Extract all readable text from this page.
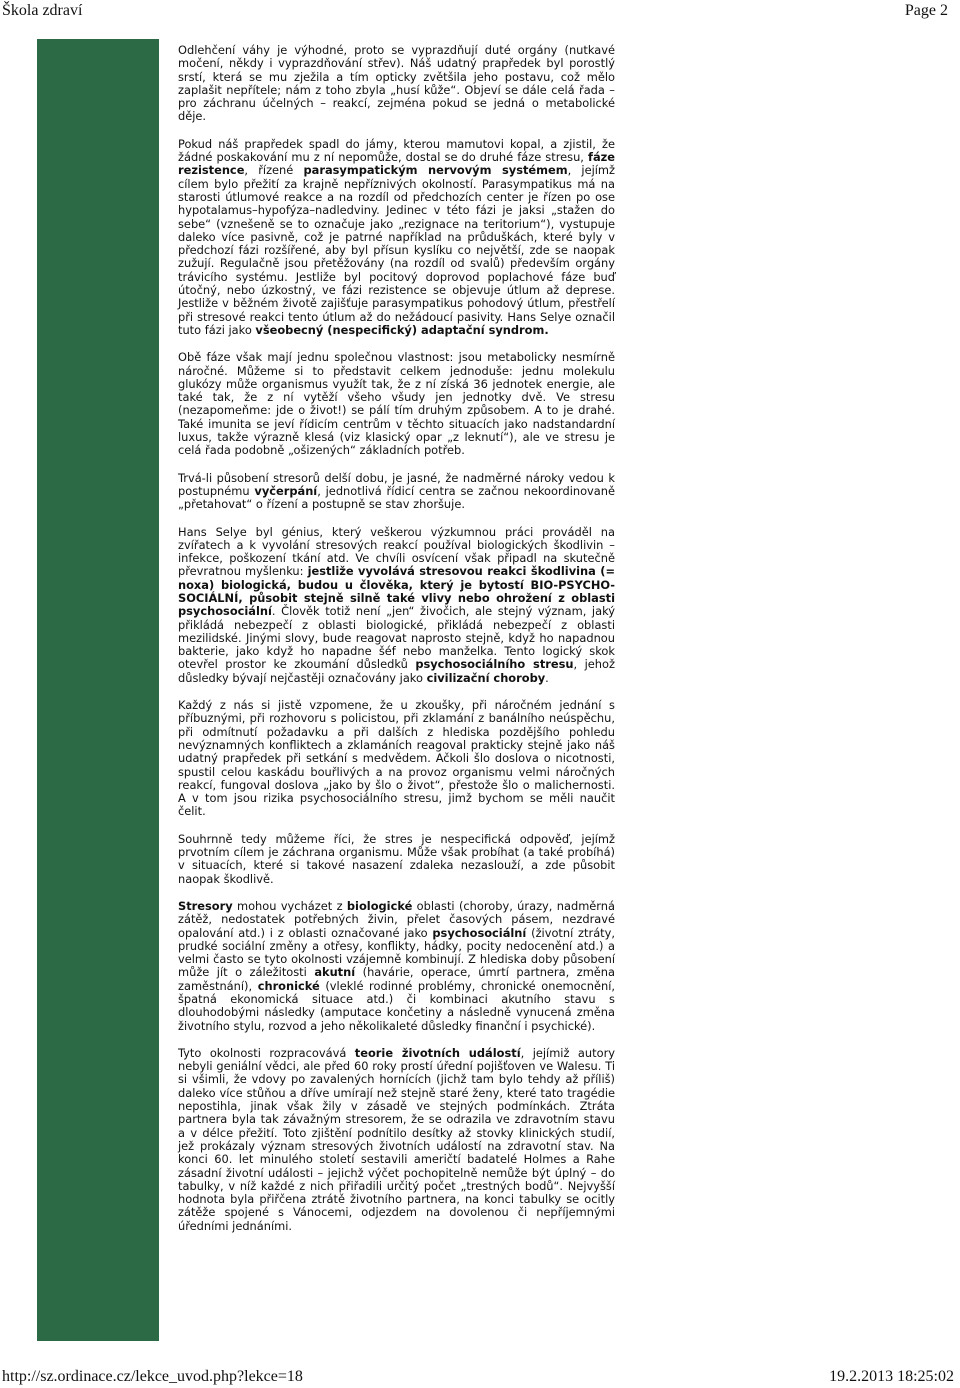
Škola zdraví	Page 2

Odlehčení váhy je výhodné, proto se vyprazdňují duté orgány (nutkavé močení, někdy i vyprazdňování střev). Náš udatný prapředek byl porostlý srstí, která se mu zježila a tím opticky zvětšila jeho postavu, což mělo zaplašit nepřítele; nám z toho zbyla „husí kůže“. Objeví se dále celá řada – pro záchranu účelných – reakcí, zejména pokud se jedná o metabolické děje.

Pokud náš prapředek spadl do jámy, kterou mamutovi kopal, a zjistil, že žádné poskakování mu z ní nepomůže, dostal se do druhé fáze stresu, fáze rezistence, řízené parasympatickým nervovým systémem, jejímž cílem bylo přežití za krajně nepříznivých okolností. Parasympatikus má na starosti útlumové reakce a na rozdíl od předchozích center je řízen po ose hypotalamus–hypofýza–nadledviny. Jedinec v této fázi je jaksi „stažen do sebe“ (vznešeně se to označuje jako „rezignace na teritorium“), vystupuje daleko více pasivně, což je patrné například na průduškách, které byly v předchozí fázi rozšířené, aby byl přísun kyslíku co největší, zde se naopak zužují. Regulačně jsou přetěžovány (na rozdíl od svalů) především orgány trávicího systému. Jestliže byl pocitový doprovod poplachové fáze buď útočný, nebo úzkostný, ve fázi rezistence se objevuje útlum až deprese. Jestliže v běžném životě zajišťuje parasympatikus pohodový útlum, přestřelí při stresové reakci tento útlum až do nežádoucí pasivity. Hans Selye označil tuto fázi jako všeobecný (nespecifický) adaptační syndrom.

Obě fáze však mají jednu společnou vlastnost: jsou metabolicky nesmírně náročné. Můžeme si to představit celkem jednoduše: jednu molekulu glukózy může organismus využít tak, že z ní získá 36 jednotek energie, ale také tak, že z ní vytěží všeho všudy jen jednotky dvě. Ve stresu (nezapomeňme: jde o život!) se pálí tím druhým způsobem. A to je drahé. Také imunita se jeví řídicím centrům v těchto situacích jako nadstandardní luxus, takže výrazně klesá (viz klasický opar „z leknutí“), ale ve stresu je celá řada podobně „ošizených“ základních potřeb.

Trvá-li působení stresorů delší dobu, je jasné, že nadměrné nároky vedou k postupnému vyčerpání, jednotlivá řídicí centra se začnou nekoordinovaně „přetahovat“ o řízení a postupně se stav zhoršuje.

Hans Selye byl génius, který veškerou výzkumnou práci prováděl na zvířatech a k vyvolání stresových reakcí používal biologických škodlivin – infekce, poškození tkání atd. Ve chvíli osvícení však připadl na skutečně převratnou myšlenku: jestliže vyvolává stresovou reakci škodlivina (= noxa) biologická, budou u člověka, který je bytostí BIO-PSYCHO-SOCIÁLNÍ, působit stejně silně také vlivy nebo ohrožení z oblasti psychosociální. Člověk totiž není „jen“ živočich, ale stejný význam, jaký přikládá nebezpečí z oblasti biologické, přikládá nebezpečí z oblasti mezilidské. Jinými slovy, bude reagovat naprosto stejně, když ho napadnou bakterie, jako když ho napadne šéf nebo manželka. Tento logický skok otevřel prostor ke zkoumání důsledků psychosociálního stresu, jehož důsledky bývají nejčastěji označovány jako civilizační choroby.

Každý z nás si jistě vzpomene, že u zkoušky, při náročném jednání s příbuznými, při rozhovoru s policistou, při zklamání z banálního neúspěchu, při odmítnutí požadavku a při dalších z hlediska pozdějšího pohledu nevýznamných konfliktech a zklamáních reagoval prakticky stejně jako náš udatný prapředek při setkání s medvědem. Ačkoli šlo doslova o nicotnosti, spustil celou kaskádu bouřlivých a na provoz organismu velmi náročných reakcí, fungoval doslova „jako by šlo o život“, přestože šlo o malichernosti. A v tom jsou rizika psychosociálního stresu, jimž bychom se měli naučit čelit.

Souhrnně tedy můžeme říci, že stres je nespecifická odpověď, jejímž prvotním cílem je záchrana organismu. Může však probíhat (a také probíhá) v situacích, které si takové nasazení zdaleka nezaslouží, a zde působit naopak škodlivě.

Stresory mohou vycházet z biologické oblasti (choroby, úrazy, nadměrná zátěž, nedostatek potřebných živin, přelet časových pásem, nezdravé opalování atd.) i z oblasti označované jako psychosociální (životní ztráty, prudké sociální změny a otřesy, konflikty, hádky, pocity nedocenění atd.) a velmi často se tyto okolnosti vzájemně kombinují. Z hlediska doby působení může jít o záležitosti akutní (havárie, operace, úmrtí partnera, změna zaměstnání), chronické (vleklé rodinné problémy, chronické onemocnění, špatná ekonomická situace atd.) či kombinaci akutního stavu s dlouhodobými následky (amputace končetiny a následně vynucená změna životního stylu, rozvod a jeho několikaleté důsledky finanční i psychické).

Tyto okolnosti rozpracovává teorie životních událostí, jejímiž autory nebyli geniální vědci, ale před 60 roky prostí úřední pojišťoven ve Walesu. Ti si všimli, že vdovy po zavalených hornících (jichž tam bylo tehdy až příliš) daleko více stůňou a dříve umírají než stejně staré ženy, které tato tragédie nepostihla, jinak však žily v zásadě ve stejných podmínkách. Ztráta partnera byla tak závažným stresorem, že se odrazila ve zdravotním stavu a v délce přežití. Toto zjištění podnítilo desítky až stovky klinických studií, jež prokázaly význam stresových životních událostí na zdravotní stav. Na konci 60. let minulého století sestavili američtí badatelé Holmes a Rahe zásadní životní události – jejichž výčet pochopitelně nemůže být úplný – do tabulky, v níž každé z nich přiřadili určitý počet „trestných bodů“. Nejvyšší hodnota byla přiřčena ztrátě životního partnera, na konci tabulky se ocitly zátěže spojené s Vánocemi, odjezdem na dovolenou či nepříjemnými úředními jednáními.

http://sz.ordinace.cz/lekce_uvod.php?lekce=18	19.2.2013 18:25:02
